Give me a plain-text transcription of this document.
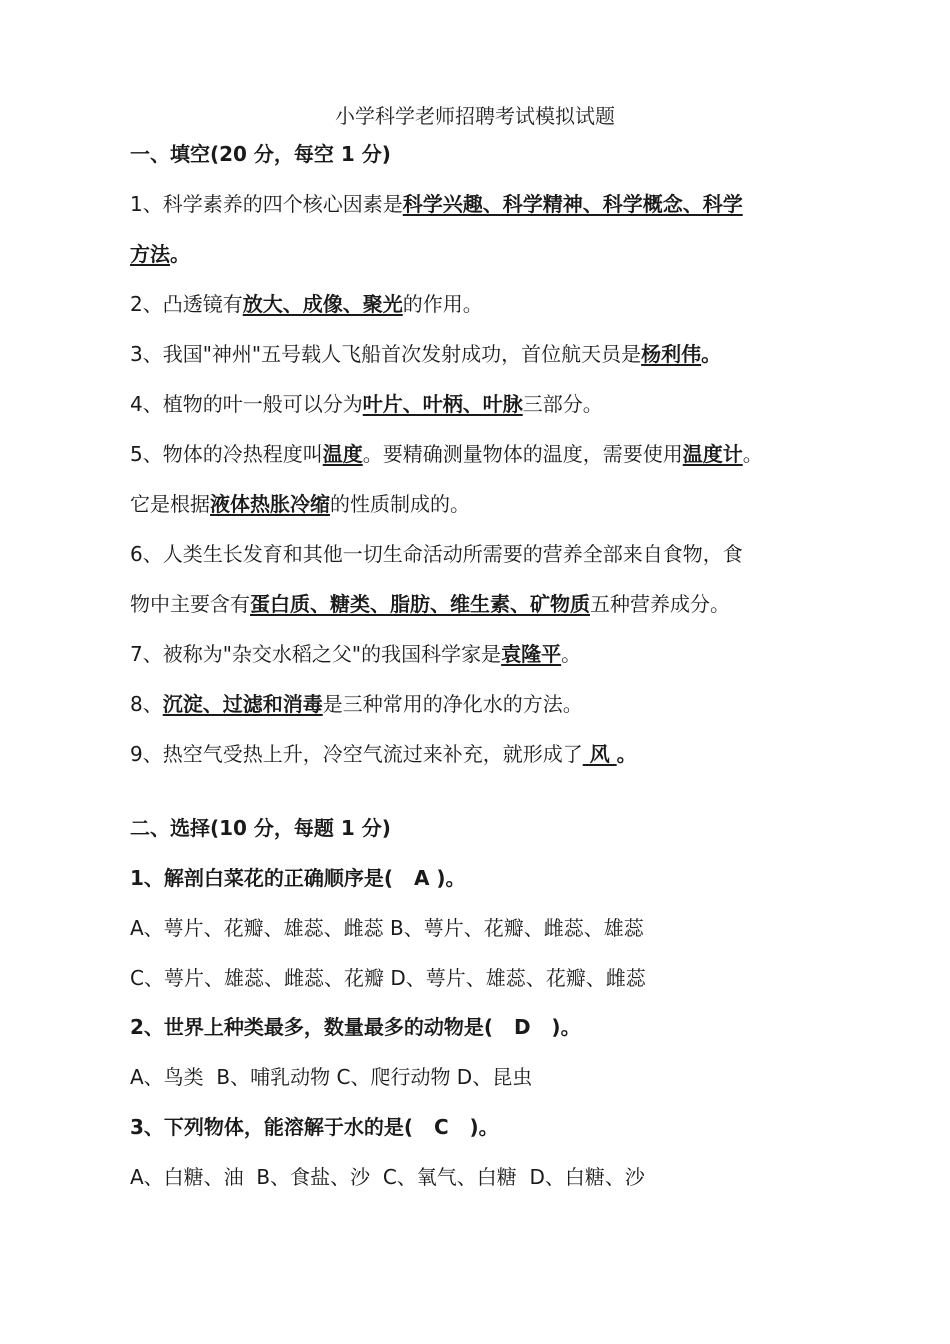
小学科学老师招聘考试模拟试题
一、填空(20 分，每空 1 分)
1、科学素养的四个核心因素是科学兴趣、科学精神、科学概念、科学
方法。
2、凸透镜有放大、成像、聚光的作用。
3、我国"神州"五号载人飞船首次发射成功，首位航天员是杨利伟。
4、植物的叶一般可以分为叶片、叶柄、叶脉三部分。
5、物体的冷热程度叫温度。要精确测量物体的温度，需要使用温度计。
它是根据液体热胀冷缩的性质制成的。
6、人类生长发育和其他一切生命活动所需要的营养全部来自食物，食
物中主要含有蛋白质、糖类、脂肪、维生素、矿物质五种营养成分。
7、被称为"杂交水稻之父"的我国科学家是袁隆平。
8、沉淀、过滤和消毒是三种常用的净化水的方法。
9、热空气受热上升，冷空气流过来补充，就形成了 风 。
二、选择(10 分，每题 1 分)
1、解剖白菜花的正确顺序是(   A )。
A、萼片、花瓣、雄蕊、雌蕊 B、萼片、花瓣、雌蕊、雄蕊
C、萼片、雄蕊、雌蕊、花瓣 D、萼片、雄蕊、花瓣、雌蕊
2、世界上种类最多，数量最多的动物是(   D   )。
A、鸟类  B、哺乳动物 C、爬行动物 D、昆虫
3、下列物体，能溶解于水的是(   C   )。
A、白糖、油  B、食盐、沙  C、氧气、白糖  D、白糖、沙
